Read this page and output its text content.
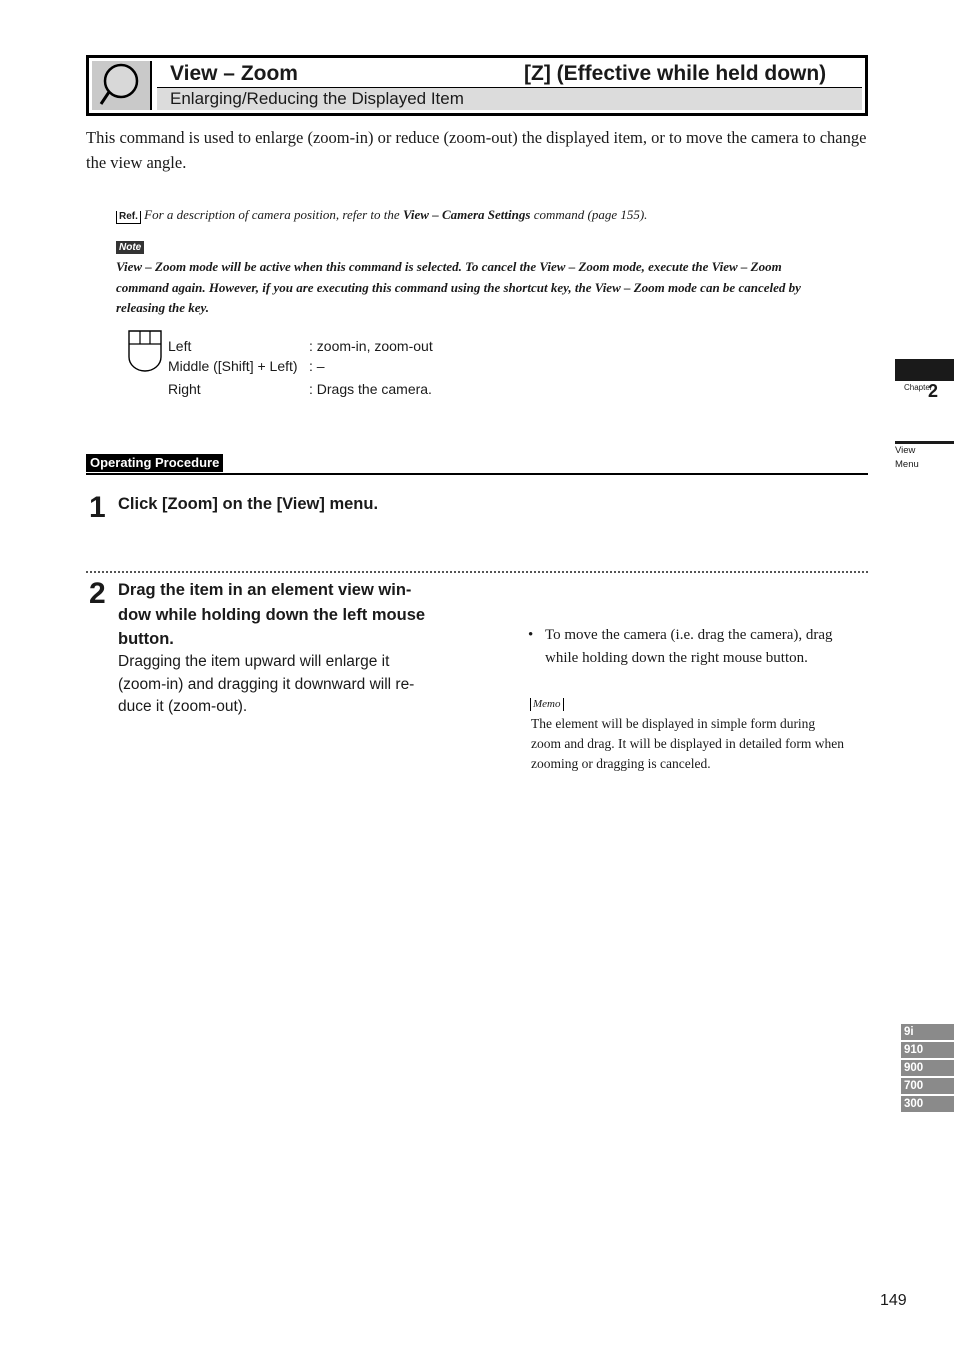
View – Zoom	[Z] (Effective while held down)
Enlarging/Reducing the Displayed Item
This command is used to enlarge (zoom-in) or reduce (zoom-out) the displayed item, or to move the camera to change the view angle.
Ref. For a description of camera position, refer to the View – Camera Settings command (page 155).
Note
View – Zoom mode will be active when this command is selected. To cancel the View – Zoom mode, execute the View – Zoom command again. However, if you are executing this command using the shortcut key, the View – Zoom mode can be canceled by releasing the key.
Left	: zoom-in, zoom-out
Middle ([Shift] + Left) : –
Right	: Drags the camera.
Operating Procedure
1 Click [Zoom] on the [View] menu.
2 Drag the item in an element view win-
dow while holding down the left mouse
button.
Dragging the item upward will enlarge it
(zoom-in) and dragging it downward will re-
duce it (zoom-out).
• To move the camera (i.e. drag the camera), drag
while holding down the right mouse button.
Memo
The element will be displayed in simple form during
zoom and drag. It will be displayed in detailed form when
zooming or dragging is canceled.
Chapter
2
View
Menu
9i
910
900
700
300
149
